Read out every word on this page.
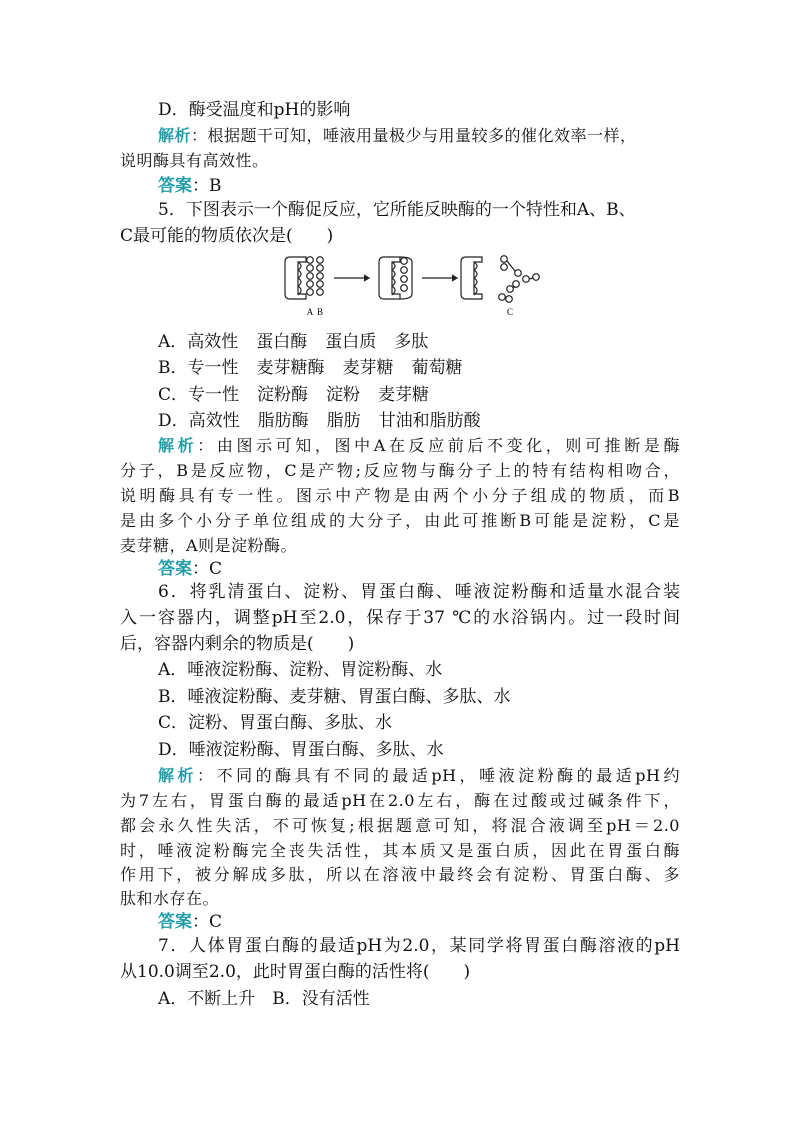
D．酶受温度和pH的影响
解析：根据题干可知，唾液用量极少与用量较多的催化效率一样，
说明酶具有高效性。
答案：B
5．下图表示一个酶促反应，它所能反映酶的一个特性和A、B、
C最可能的物质依次是(　　)
A B	C
A．高效性 蛋白酶 蛋白质 多肽
B．专一性 麦芽糖酶 麦芽糖 葡萄糖
C．专一性 淀粉酶 淀粉 麦芽糖
D．高效性 脂肪酶 脂肪 甘油和脂肪酸
解析：由图示可知，图中A在反应前后不变化，则可推断是酶
分子，B是反应物，C是产物;反应物与酶分子上的特有结构相吻合，
说明酶具有专一性。图示中产物是由两个小分子组成的物质，而B
是由多个小分子单位组成的大分子，由此可推断B可能是淀粉，C是
麦芽糖，A则是淀粉酶。
答案：C
6．将乳清蛋白、淀粉、胃蛋白酶、唾液淀粉酶和适量水混合装
入一容器内，调整pH至2.0，保存于37 ℃的水浴锅内。过一段时间
后，容器内剩余的物质是(　　)
A．唾液淀粉酶、淀粉、胃淀粉酶、水
B．唾液淀粉酶、麦芽糖、胃蛋白酶、多肽、水
C．淀粉、胃蛋白酶、多肽、水
D．唾液淀粉酶、胃蛋白酶、多肽、水
解析：不同的酶具有不同的最适pH，唾液淀粉酶的最适pH约
为7左右，胃蛋白酶的最适pH在2.0左右，酶在过酸或过碱条件下，
都会永久性失活，不可恢复;根据题意可知，将混合液调至pH＝2.0
时，唾液淀粉酶完全丧失活性，其本质又是蛋白质，因此在胃蛋白酶
作用下，被分解成多肽，所以在溶液中最终会有淀粉、胃蛋白酶、多
肽和水存在。
答案：C
7．人体胃蛋白酶的最适pH为2.0，某同学将胃蛋白酶溶液的pH
从10.0调至2.0，此时胃蛋白酶的活性将(　　)
A．不断上升　B．没有活性
